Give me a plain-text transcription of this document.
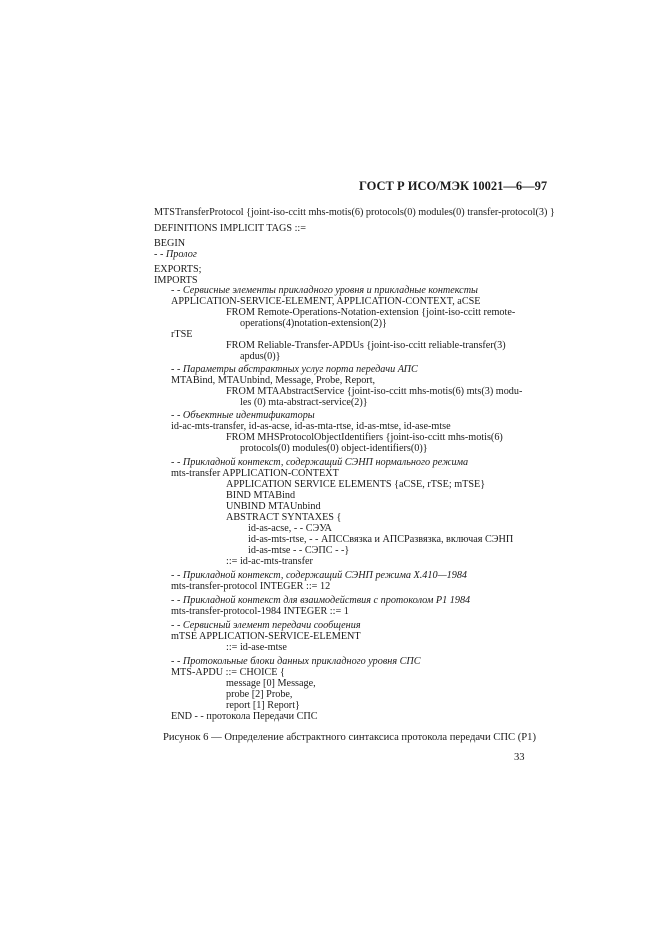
ГОСТ Р ИСО/МЭК 10021—6—97
MTSTransferProtocol {joint-iso-ccitt mhs-motis(6) protocols(0) modules(0) transfer-protocol(3) }
DEFINITIONS IMPLICIT TAGS ::=
BEGIN
- - Пролог
EXPORTS;
IMPORTS
- - Сервисные элементы прикладного уровня и прикладные контексты
APPLICATION-SERVICE-ELEMENT, APPLICATION-CONTEXT, aCSE
FROM Remote-Operations-Notation-extension {joint-iso-ccitt remote-
operations(4)notation-extension(2)}
rTSE
FROM Reliable-Transfer-APDUs {joint-iso-ccitt reliable-transfer(3)
apdus(0)}
- - Параметры абстрактных услуг порта передачи АПС
MTABind, MTAUnbind, Message, Probe, Report,
FROM MTAAbstractService {joint-iso-ccitt mhs-motis(6) mts(3) modu-
les (0) mta-abstract-service(2)}
- - Объектные идентификаторы
id-ac-mts-transfer, id-as-acse, id-as-mta-rtse, id-as-mtse, id-ase-mtse
FROM MHSProtocolObjectIdentifiers {joint-iso-ccitt mhs-motis(6)
protocols(0) modules(0) object-identifiers(0)}
- - Прикладной контекст, содержащий СЭНП нормального режима
mts-transfer APPLICATION-CONTEXT
APPLICATION SERVICE ELEMENTS {aCSE, rTSE; mTSE}
BIND MTABind
UNBIND MTAUnbind
ABSTRACT SYNTAXES {
id-as-acse, - - СЭУА
id-as-mts-rtse, - - АПССвязка и АПСРазвязка, включая СЭНП
id-as-mtse - - СЭПС - -}
::= id-ac-mts-transfer
- - Прикладной контекст, содержащий СЭНП режима Х.410—1984
mts-transfer-protocol INTEGER ::= 12
- - Прикладной контекст для взаимодействия с протоколом Р1 1984
mts-transfer-protocol-1984 INTEGER ::= 1
- - Сервисный элемент передачи сообщения
mTSE APPLICATION-SERVICE-ELEMENT
::= id-ase-mtse
- - Протокольные блоки данных прикладного уровня СПС
MTS-APDU ::= CHOICE {
message [0] Message,
probe [2] Probe,
report [1] Report}
END - - протокола Передачи СПС
Рисунок 6 — Определение абстрактного синтаксиса протокола передачи СПС (Р1)
33
